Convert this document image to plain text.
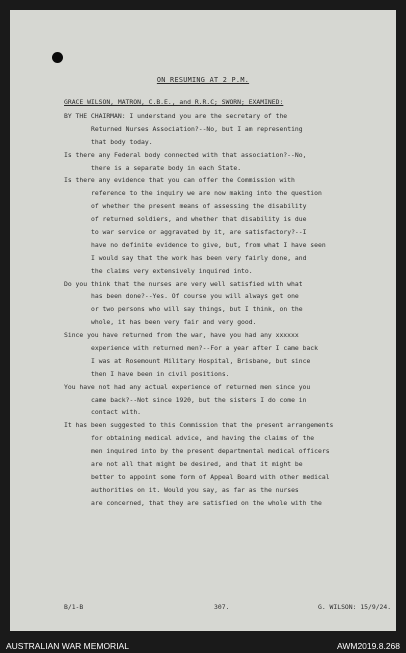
ON RESUMING AT 2 P.M.
GRACE WILSON, MATRON, C.B.E., and R.R.C; SWORN; EXAMINED:
BY THE CHAIRMAN: I understand you are the secretary of the
Returned Nurses Association?--No, but I am representing
that body today.
Is there any Federal body connected with that association?--No,
there is a separate body in each State.
Is there any evidence that you can offer the Commission with
reference to the inquiry we are now making into the question
of whether the present means of assessing the disability
of returned soldiers, and whether that disability is due
to war service or aggravated by it, are satisfactory?--I
have no definite evidence to give, but, from what I have seen
I would say that the work has been very fairly done, and
the claims very extensively inquired into.
Do you think that the nurses are very well satisfied with what
has been done?--Yes. Of course you will always get one
or two persons who will say things, but I think, on the
whole, it has been very fair and very good.
Since you have returned from the war, have you had any xxxxxx
experience with returned men?--For a year after I came back
I was at Rosemount Military Hospital, Brisbane, but since
then I have been in civil positions.
You have not had any actual experience of returned men since you
came back?--Not since 1920, but the sisters I do come in
contact with.
It has been suggested to this Commission that the present arrangements
for obtaining medical advice, and having the claims of the
men inquired into by the present departmental medical officers
are not all that might be desired, and that it might be
better to appoint some form of Appeal Board with other medical
authorities on it. Would you say, as far as the nurses
are concerned, that they are satisfied on the whole with the
B/1-B	307.	G. WILSON: 15/9/24.
AUSTRALIAN WAR MEMORIAL	AWM2019.8.268
